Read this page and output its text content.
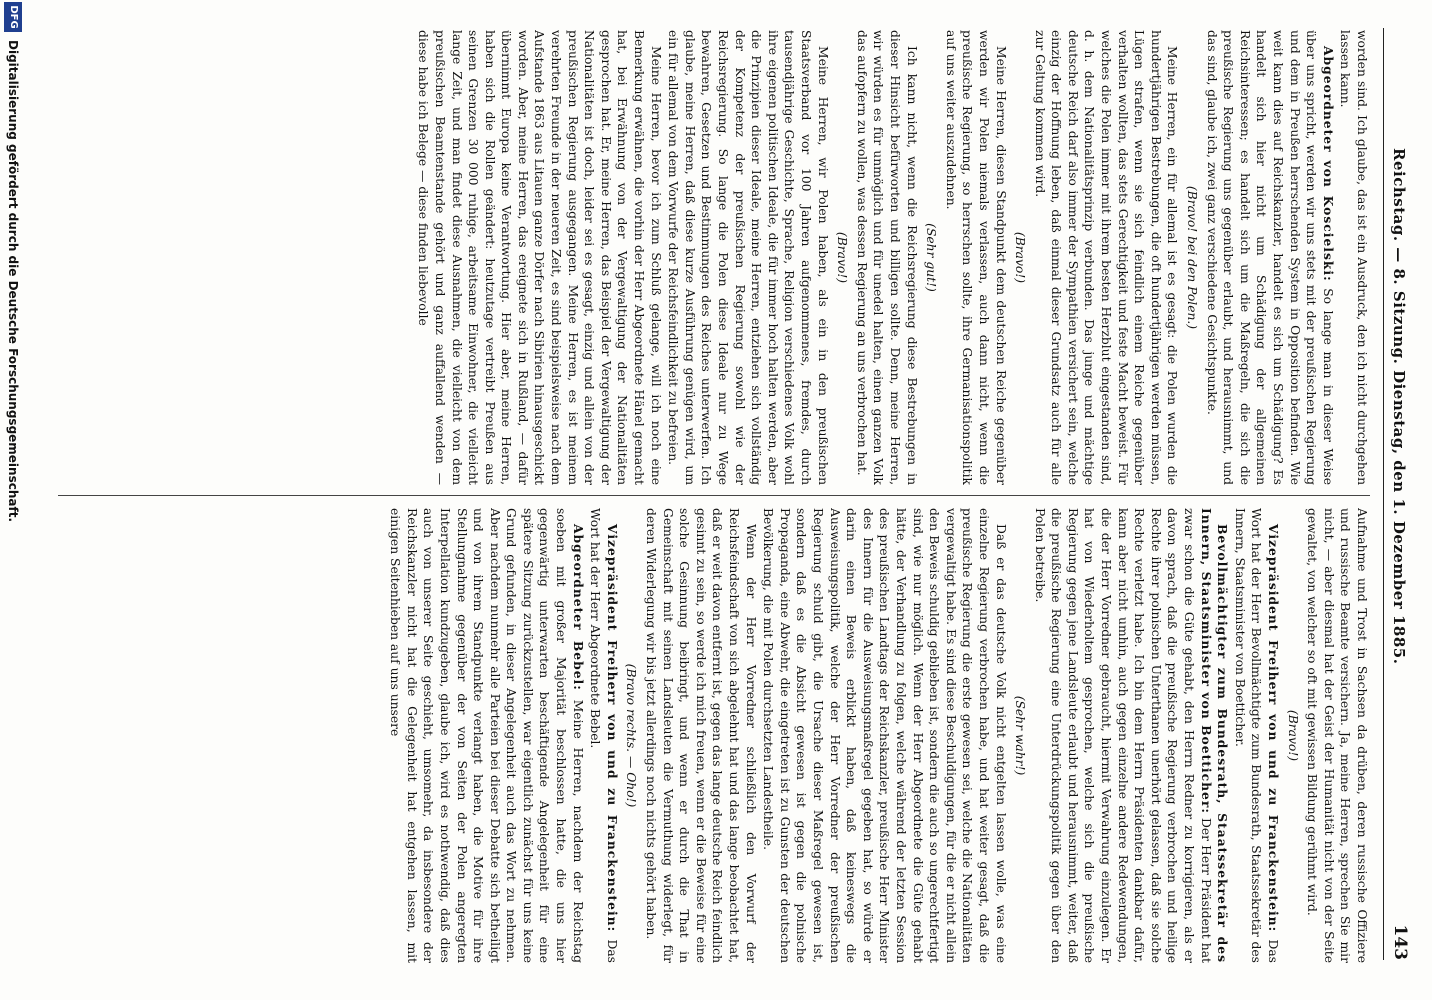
Reichstag. — 8. Sitzung. Dienstag, den 1. Dezember 1885.
143

worden sind. Ich glaube, das ist ein Ausdruck, den ich nicht durchgehen lassen kann.

Abgeordneter von Koscielski: So lange man in dieser Weise über uns spricht, werden wir uns stets mit der preußischen Regierung und dem in Preußen herrschenden System in Opposition befinden. Wie weit kann dies auf Reichskanzler, handelt es sich um Schädigung? Es handelt sich hier nicht um Schädigung der allgemeinen Reichsinteressen; es handelt sich um die Maßregeln, die sich die preußische Regierung uns gegenüber erlaubt, und herausnimmt, und das sind, glaube ich, zwei ganz verschiedene Gesichtspunkte.

(Bravo! bei den Polen.)

Meine Herren, ein für allemal ist es gesagt: die Polen wurden die hundertjährigen Bestrebungen, die oft hundertjährigen werden müssen, Lügen strafen, wenn sie sich feindlich einem Reiche gegenüber verhalten wollten, das stets Gerechtigkeit und feste Macht beweist. Für welches die Polen immer mit ihrem besten Herzblut eingestanden sind, d. h. dem Nationalitätsprinzip verbunden. Das junge und mächtige deutsche Reich darf also immer der Sympathien versichert sein, welche einzig der Hoffnung leben, daß einmal dieser Grundsatz auch für alle zur Geltung kommen wird.

(Bravo!)

Meine Herren, diesen Standpunkt dem deutschen Reiche gegenüber werden wir Polen niemals verlassen, auch dann nicht, wenn die preußische Regierung, so herrschen sollte, ihre Germanisationspolitik auf uns weiter auszudehnen.

(Sehr gut!)

Ich kann nicht, wenn die Reichsregierung diese Bestrebungen in dieser Hinsicht befürworten und billigen sollte. Denn, meine Herren, wir würden es für unmöglich und für unedel halten, einen ganzen Volk das aufopfern zu wollen, was dessen Regierung an uns verbrochen hat.

(Bravo!)

Meine Herren, wir Polen haben, als ein in den preußischen Staatsverband vor 100 Jahren aufgenommenes, fremdes, durch tausendjährige Geschichte, Sprache, Religion verschiedenes Volk wohl ihre eigenen politischen Ideale, die für immer hoch halten werden, aber die Prinzipien dieser Ideale, meine Herren, entziehen sich vollständig der Kompetenz der preußischen Regierung sowohl wie der Reichsregierung. So lange die Polen diese Ideale nur zu Wege bewahren, Gesetzen und Bestimmungen des Reiches unterwerfen. Ich glaube, meine Herren, daß diese kurze Ausführung genügen wird, um ein für allemal von dem Vorwurfe der Reichsfeindlichkeit zu befreien.

Meine Herren, bevor ich zum Schluß gelange, will ich noch eine Bemerkung erwähnen, die vorhin der Herr Abgeordnete Hänel gemacht hat, bei Erwähnung von der Vergewaltigung der Nationalitäten gesprochen hat. Er, meine Herren, das Beispiel der Vergewaltigung der Nationalitäten ist doch, leider sei es gesagt, einzig und allein von der preußischen Regierung ausgegangen. Meine Herren, es ist meinem verehrten Freunde in der neueren Zeit, es sind beispielsweise nach dem Aufstande 1863 aus Litauen ganze Dörfer nach Sibirien hinausgeschickt worden. Aber, meine Herren, das ereignete sich in Rußland, — dafür übernimmt Europa keine Verantwortung. Hier aber, meine Herren, haben sich die Rollen geändert: heutzutage vertreibt Preußen aus seinen Grenzen 30 000 ruhige, arbeitsame Einwohner, die vielleicht lange Zeit, und man findet diese Ausnahmen, die vielleicht von dem preußischen Beamtenstande gehört und ganz auffallend wenden — diese habe ich Belege — diese finden liebevolle

Aufnahme und Trost in Sachsen da drüben, deren russische Offiziere und russische Beamte versichern. Ja, meine Herren, sprechen Sie mir nicht, — aber diesmal hat der Geist der Humanität nicht von der Seite gewaltet, von welcher so oft mit gewissen Bildung gerühmt wird.

(Bravo!)

Vizepräsident Freiherr von und zu Franckenstein: Das Wort hat der Herr Bevollmächtigte zum Bundesrath, Staatssekretär des Innern, Staatsminister von Boetticher.

Bevollmächtigter zum Bundesrath, Staatssekretär des Innern, Staatsminister von Boetticher: Der Herr Präsident hat zwar schon die Güte gehabt, den Herrn Redner zu korrigieren, als er davon sprach, daß die preußische Regierung verbrochen und heilige Rechte ihrer polnischen Unterthanen unerhört gelassen, daß sie solche Rechte verletzt habe. Ich bin dem Herrn Präsidenten dankbar dafür, kann aber nicht umhin, auch gegen einzelne andere Redewendungen, die der Herr Vorredner gebraucht, hiermit Verwahrung einzulegen. Er hat von Wiederholtem gesprochen, welche sich die preußische Regierung gegen jene Landsleute erlaubt und herausnimmt, weiter, daß die preußische Regierung eine Unterdrückungspolitik gegen über den Polen betreibe.

(Sehr wahr!)

Daß er das deutsche Volk nicht entgelten lassen wolle, was eine einzelne Regierung verbrochen habe, und hat weiter gesagt, daß die preußische Regierung die erste gewesen sei, welche die Nationalitäten vergewaltigt habe. Es sind diese Beschuldigungen, für die er nicht allein den Beweis schuldig geblieben ist, sondern die auch so ungerechtfertigt sind, wie nur möglich. Wenn der Herr Abgeordnete die Güte gehabt hätte, der Verhandlung zu folgen, welche während der letzten Session des preußischen Landtags der Reichskanzler, preußische Herr Minister des Innern für die Ausweisungsmaßregel gegeben hat, so würde er darin einen Beweis erblickt haben, daß keineswegs die Ausweisungspolitik, welche der Herr Vorredner der preußischen Regierung schuld gibt, die Ursache dieser Maßregel gewesen ist, sondern daß es die Absicht gewesen ist gegen die polnische Propaganda, eine Abwehr, die eingetreten ist zu Gunsten der deutschen Bevölkerung, die mit Polen durchsetzten Landestheile.

Wenn der Herr Vorredner schließlich den Vorwurf der Reichsfeindschaft von sich abgelehnt hat und das lange beobachtet hat, daß er weit davon entfernt ist, gegen das lange deutsche Reich feindlich gesinnt zu sein, so werde ich mich freuen, wenn er die Beweise für eine solche Gesinnung beibringt, und wenn er durch die That in Gemeinschaft mit seinen Landsleuten die Vermuthung widerlegt, für deren Widerlegung wir bis jetzt allerdings noch nichts gehört haben.

(Bravo rechts. — Oho!)

Vizepräsident Freiherr von und zu Franckenstein: Das Wort hat der Herr Abgeordnete Bebel.

Abgeordneter Bebel: Meine Herren, nachdem der Reichstag soeben mit großer Majorität beschlossen hatte, die uns hier gegenwärtig unterwarten beschäftigende Angelegenheit für eine spätere Sitzung zurückzustellen, war eigentlich zunächst für uns keine Grund gefunden, in dieser Angelegenheit auch das Wort zu nehmen. Aber nachdem nunmehr alle Parteien bei dieser Debatte sich betheiligt und von ihrem Standpunkte verlangt haben, die Motive für ihre Stellungnahme gegenüber der von Seiten der Polen angeregten Interpellation kundzugeben, glaube ich, wird es nothwendig, daß dies auch von unserer Seite geschieht, umsomehr, da insbesondere der Reichskanzler nicht hat die Gelegenheit hat entgehen lassen, mit einigen Seitenhieben auf uns unsere

DFG
Digitalisierung gefördert durch die Deutsche Forschungsgemeinschaft.
